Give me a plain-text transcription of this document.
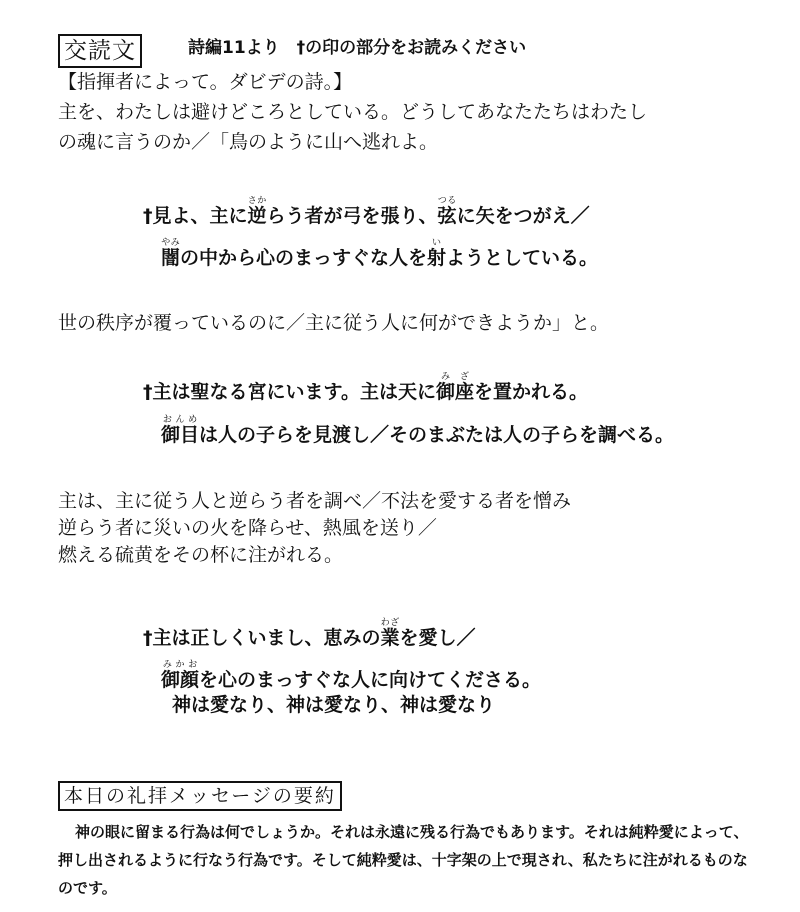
交読文	詩編11より　†の印の部分をお読みください
【指揮者によって。ダビデの詩。】
主を、わたしは避けどころとしている。どうしてあなたたちはわたし
の魂に言うのか／「鳥のように山へ逃れよ。
†見よ、主に逆さからう者が弓を張り、弦つるに矢をつがえ／
闇やみの中から心のまっすぐな人を射いようとしている。
世の秩序が覆っているのに／主に従う人に何ができようか」と。
†主は聖なる宮にいます。主は天に御座みざを置かれる。
御目おんめは人の子らを見渡し／そのまぶたは人の子らを調べる。
主は、主に従う人と逆らう者を調べ／不法を愛する者を憎み
逆らう者に災いの火を降らせ、熱風を送り／
燃える硫黄をその杯に注がれる。
†主は正しくいまし、恵みの業わざを愛し／
御顔みかおを心のまっすぐな人に向けてくださる。
神は愛なり、神は愛なり、神は愛なり
本日の礼拝メッセージの要約
神の眼に留まる行為は何でしょうか。それは永遠に残る行為でもあります。それは純粋愛によって、押し出されるように行なう行為です。そして純粋愛は、十字架の上で現され、私たちに注がれるものなのです。
